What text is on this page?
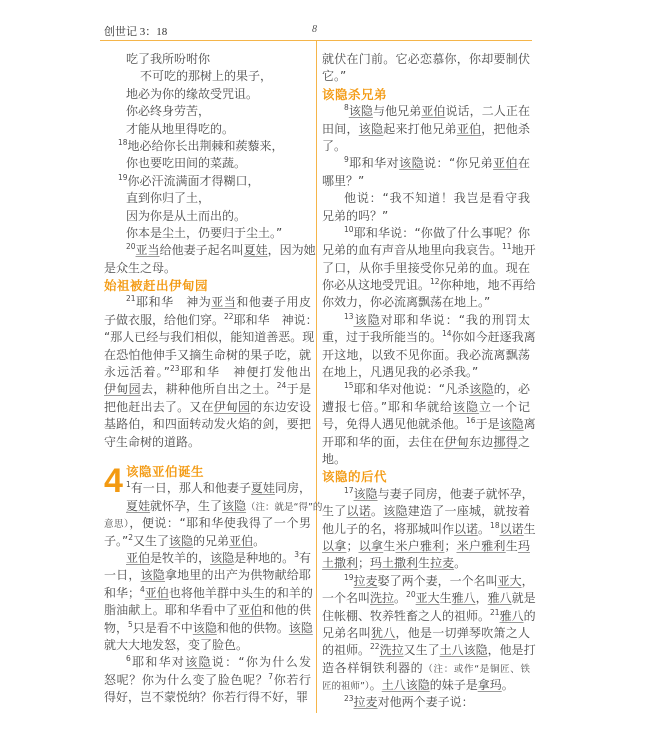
创世记 3：18	8
吃了我所吩咐你
不可吃的那树上的果子，
地必为你的缘故受咒诅。
你必终身劳苦，
才能从地里得吃的。
$^{18}$地必给你长出荆棘和蒺藜来，
你也要吃田间的菜蔬。
$^{19}$你必汗流满面才得糊口，
直到你归了土，
因为你是从土而出的。
你本是尘土，仍要归于尘土。”
$^{20}$亚当给他妻子起名叫夏娃，因为她
是众生之母。
始祖被赶出伊甸园
$^{21}$耶和华　神为亚当和他妻子用皮
子做衣服，给他们穿。$^{22}$耶和华　神说：
“那人已经与我们相似，能知道善恶。现
在恐怕他伸手又摘生命树的果子吃，就
永远活着。”$^{23}$耶和华　神便打发他出
伊甸园去，耕种他所自出之土。$^{24}$于是
把他赶出去了。又在伊甸园的东边安设
基路伯，和四面转动发火焰的剑，要把
守生命树的道路。
4 该隐亚伯诞生
$^1$有一日，那人和他妻子夏娃同房，
夏娃就怀孕，生了该隐（注：就是“得”的
意思），便说：“耶和华使我得了一个男
子。”$^2$又生了该隐的兄弟亚伯。
亚伯是牧羊的，该隐是种地的。$^3$有
一日，该隐拿地里的出产为供物献给耶
和华；$^4$亚伯也将他羊群中头生的和羊的
脂油献上。耶和华看中了亚伯和他的供
物，$^5$只是看不中该隐和他的供物。该隐
就大大地发怒，变了脸色。
$^6$耶和华对该隐说：“你为什么发
怒呢？你为什么变了脸色呢？$^7$你若行
得好，岂不蒙悦纳？你若行得不好，罪
就伏在门前。它必恋慕你，你却要制伏
它。”
该隐杀兄弟
$^8$该隐与他兄弟亚伯说话，二人正在
田间，该隐起来打他兄弟亚伯，把他杀
了。
$^9$耶和华对该隐说：“你兄弟亚伯在
哪里？”
他说：“我不知道！我岂是看守我
兄弟的吗？”
$^{10}$耶和华说：“你做了什么事呢？你
兄弟的血有声音从地里向我哀告。$^{11}$地开
了口，从你手里接受你兄弟的血。现在
你必从这地受咒诅。$^{12}$你种地，地不再给
你效力，你必流离飘荡在地上。”
$^{13}$该隐对耶和华说：“我的刑罚太
重，过于我所能当的。$^{14}$你如今赶逐我离
开这地，以致不见你面。我必流离飘荡
在地上，凡遇见我的必杀我。”
$^{15}$耶和华对他说：“凡杀该隐的，必
遭报七倍。”耶和华就给该隐立一个记
号，免得人遇见他就杀他。$^{16}$于是该隐离
开耶和华的面，去住在伊甸东边挪得之
地。
该隐的后代
$^{17}$该隐与妻子同房，他妻子就怀孕，
生了以诺。该隐建造了一座城，就按着
他儿子的名，将那城叫作以诺。$^{18}$以诺生
以拿；以拿生米户雅利；米户雅利生玛
土撒利；玛土撒利生拉麦。
$^{19}$拉麦娶了两个妻，一个名叫亚大，
一个名叫洗拉。$^{20}$亚大生雅八，雅八就是
住帐棚、牧养牲畜之人的祖师。$^{21}$雅八的
兄弟名叫犹八，他是一切弹琴吹箫之人
的祖师。$^{22}$洗拉又生了土八该隐，他是打
造各样铜铁利器的（注：或作“是铜匠、铁
匠的祖师”）。土八该隐的妹子是拿玛。
$^{23}$拉麦对他两个妻子说：
